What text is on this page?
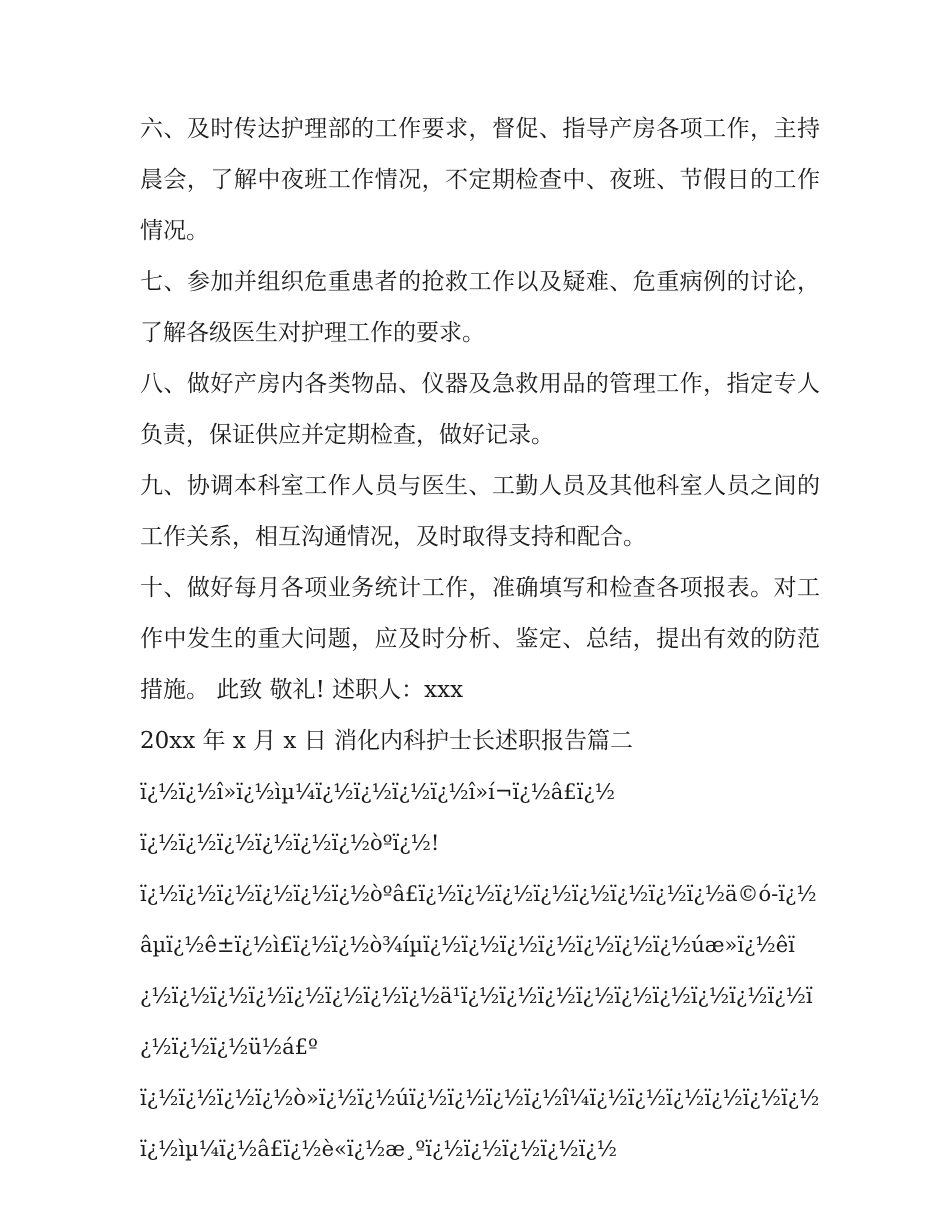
六、及时传达护理部的工作要求，督促、指导产房各项工作，主持晨会，了解中夜班工作情况，不定期检查中、夜班、节假日的工作情况。

七、参加并组织危重患者的抢救工作以及疑难、危重病例的讨论，了解各级医生对护理工作的要求。

八、做好产房内各类物品、仪器及急救用品的管理工作，指定专人负责，保证供应并定期检查，做好记录。

九、协调本科室工作人员与医生、工勤人员及其他科室人员之间的工作关系，相互沟通情况，及时取得支持和配合。

十、做好每月各项业务统计工作，准确填写和检查各项报表。对工作中发生的重大问题，应及时分析、鉴定、总结，提出有效的防范措施。 此致 敬礼! 述职人：xxx

20xx 年 x 月 x 日 消化内科护士长述职报告篇二

ï¿½ï¿½î»ï¿½ìµ¼ï¿½ï¿½ï¿½ï¿½î»í¬ï¿½â£ï¿½

ï¿½ï¿½ï¿½ï¿½ï¿½ï¿½òºï¿½!

ï¿½ï¿½ï¿½ï¿½ï¿½ï¿½òºâ£ï¿½ï¿½ï¿½ï¿½ï¿½ï¿½ï¿½ï¿½ä©ó-ï¿½âµï¿½ê±ï¿½ì£ï¿½ï¿½ò¾íµï¿½ï¿½ï¿½ï¿½ï¿½ï¿½ï¿½úæ»ï¿½êï¿½ï¿½ï¿½ï¿½ï¿½ï¿½ï¿½ï¿½ä¹ï¿½ï¿½ï¿½ï¿½ï¿½ï¿½ï¿½ï¿½ï¿½ï¿½ï¿½ï¿½ü½á£º

ï¿½ï¿½ï¿½ï¿½ò»ï¿½ï¿½úï¿½ï¿½ï¿½ï¿½î¼ï¿½ï¿½ï¿½ï¿½ï¿½ï¿½ï¿½ìµ¼ï¿½â£ï¿½è«ï¿½æ¸ºï¿½ï¿½ï¿½ï¿½ï¿½
